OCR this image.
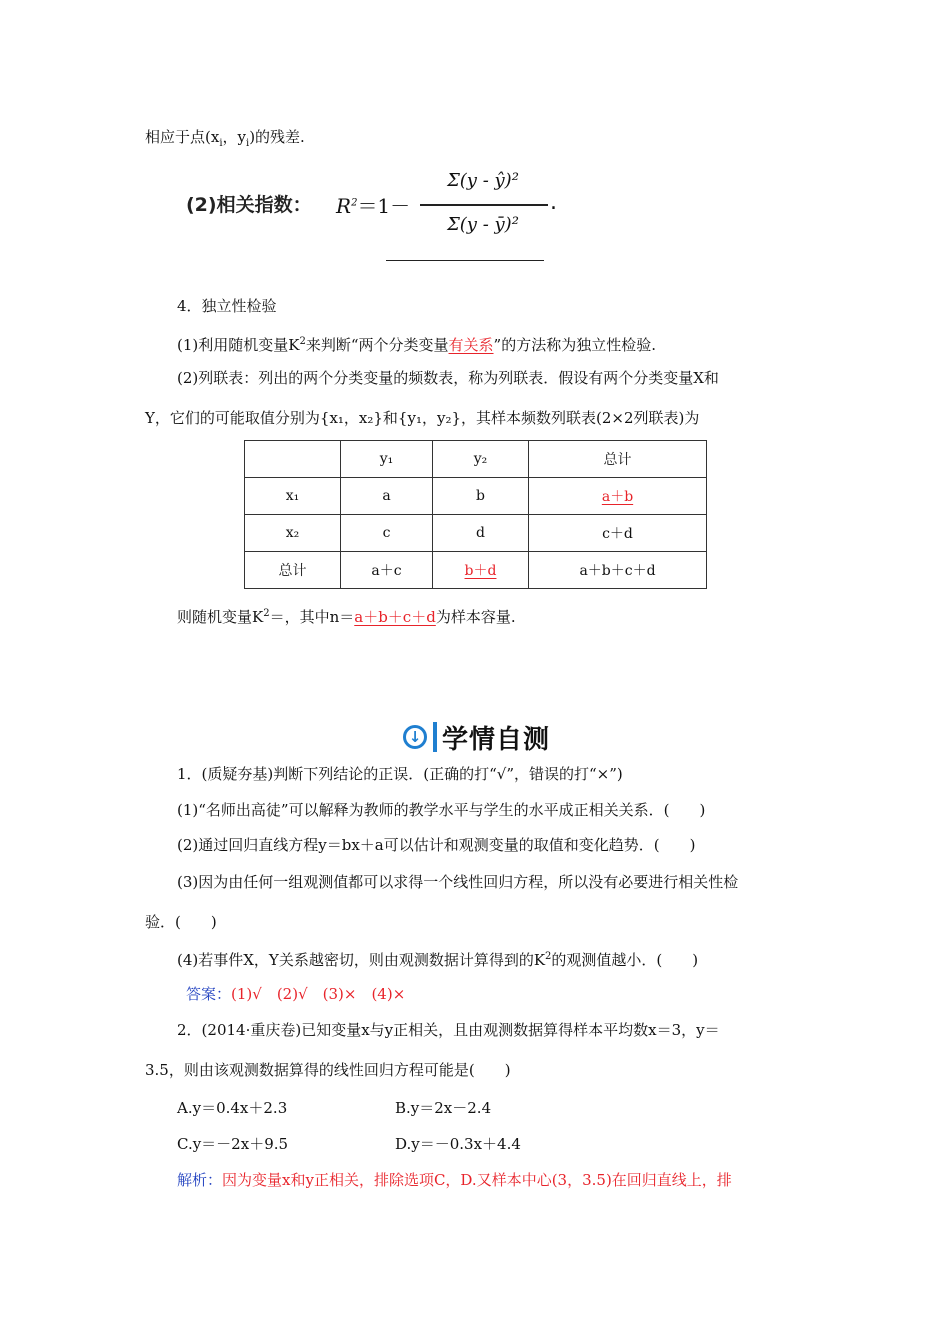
相应于点($x_i$，$y_i$)的残差.
(2)相关指数： $R^2=1-$
Σ(y - ŷ)²
Σ(y - ȳ)²
.
4．独立性检验
(1)利用随机变量$K^2$来判断“两个分类变量有关系”的方法称为独立性检验.
(2)列联表：列出的两个分类变量的频数表，称为列联表．假设有两个分类变量X和
Y，它们的可能取值分别为{x₁，x₂}和{y₁，y₂}，其样本频数列联表(2×2列联表)为
	y₁	y₂	总计
x₁	a	b	a＋b
x₂	c	d	c＋d
总计	a＋c	b＋d	a＋b＋c＋d
则随机变量$K^2=$，其中n＝a＋b＋c＋d为样本容量.
↓ 学情自测
1．(质疑夯基)判断下列结论的正误．(正确的打“√”，错误的打“×”)
(1)“名师出高徒”可以解释为教师的教学水平与学生的水平成正相关关系．(　　)
(2)通过回归直线方程y＝bx＋a可以估计和观测变量的取值和变化趋势．(　　)
(3)因为由任何一组观测值都可以求得一个线性回归方程，所以没有必要进行相关性检
验．(　　)
(4)若事件X，Y关系越密切，则由观测数据计算得到的$K^2$的观测值越小．(　　)
答案：(1)√　(2)√　(3)×　(4)×
2．(2014·重庆卷)已知变量x与y正相关，且由观测数据算得样本平均数x＝3，y＝
3.5，则由该观测数据算得的线性回归方程可能是(　　)
A.y＝0.4x＋2.3	B.y＝2x－2.4
C.y＝－2x＋9.5	D.y＝－0.3x＋4.4
解析：因为变量x和y正相关，排除选项C，D.又样本中心(3，3.5)在回归直线上，排
